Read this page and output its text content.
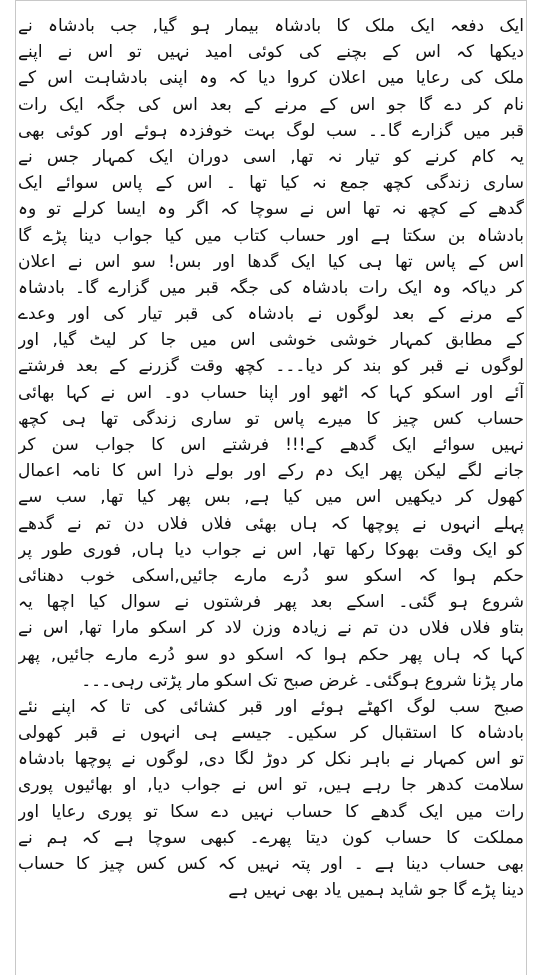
ایک دفعہ ایک ملک کا بادشاہ بیمار ہو گیا, جب بادشاہ نے
دیکھا کہ اس کے بچنے کی کوئی امید نہیں تو اس نے اپنے
ملک کی رعایا میں اعلان کروا دیا کہ وہ اپنی بادشاہت اس کے
نام کر دے گا جو اس کے مرنے کے بعد اس کی جگہ ایک رات
قبر میں گزارے گا۔۔ سب لوگ بہت خوفزدہ ہوئے اور کوئی بھی
یہ کام کرنے کو تیار نہ تھا, اسی دوران ایک کمہار جس نے
ساری زندگی کچھ جمع نہ کیا تھا ۔ اس کے پاس سوائے ایک
گدھے کے کچھ نہ تھا اس نے سوچا کہ اگر وہ ایسا کرلے تو وہ
بادشاہ بن سکتا ہے اور حساب کتاب میں کیا جواب دینا پڑے گا
اس کے پاس تھا ہی کیا ایک گدھا اور بس! سو اس نے اعلان
کر دیاکہ وہ ایک رات بادشاہ کی جگہ قبر میں گزارے گا۔ بادشاہ
کے مرنے کے بعد لوگوں نے بادشاہ کی قبر تیار کی اور وعدے
کے مطابق کمہار خوشی خوشی اس میں جا کر لیٹ گیا, اور
لوگوں نے قبر کو بند کر دیا۔۔۔ کچھ وقت گزرنے کے بعد فرشتے
آئے اور اسکو کہا کہ اٹھو اور اپنا حساب دو۔ اس نے کہا بھائی
حساب کس چیز کا میرے پاس تو ساری زندگی تھا ہی کچھ
نہیں سوائے ایک گدھے کے!!! فرشتے اس کا جواب سن کر
جانے لگے لیکن پھر ایک دم رکے اور بولے ذرا اس کا نامہ اعمال
کھول کر دیکھیں اس میں کیا ہے, بس پھر کیا تھا, سب سے
پہلے انہوں نے پوچھا کہ ہاں بھئی فلاں فلاں دن تم نے گدھے
کو ایک وقت بھوکا رکھا تھا, اس نے جواب دیا ہاں, فوری طور پر
حکم ہوا کہ اسکو سو دُرے مارے جائیں,اسکی خوب دھنائی
شروع ہو گئی۔ اسکے بعد پھر فرشتوں نے سوال کیا اچھا یہ
بتاو فلاں فلاں دن تم نے زیادہ وزن لاد کر اسکو مارا تھا, اس نے
کہا کہ ہاں پھر حکم ہوا کہ اسکو دو سو دُرے مارے جائیں, پھر
مار پڑنا شروع ہوگئی۔ غرض صبح تک اسکو مار پڑتی رہی۔۔۔
صبح سب لوگ اکھٹے ہوئے اور قبر کشائی کی تا کہ اپنے نئے
بادشاہ کا استقبال کر سکیں۔ جیسے ہی انہوں نے قبر کھولی
تو اس کمہار نے باہر نکل کر دوڑ لگا دی, لوگوں نے پوچھا بادشاہ
سلامت کدھر جا رہے ہیں, تو اس نے جواب دیا, او بھائیوں پوری
رات میں ایک گدھے کا حساب نہیں دے سکا تو پوری رعایا اور
مملکت کا حساب کون دیتا پھرے۔ کبھی سوچا ہے کہ ہم نے
بھی حساب دینا ہے ۔ اور پتہ نہیں کہ کس کس چیز کا حساب
دینا پڑے گا جو شاید ہمیں یاد بھی نہیں ہے
